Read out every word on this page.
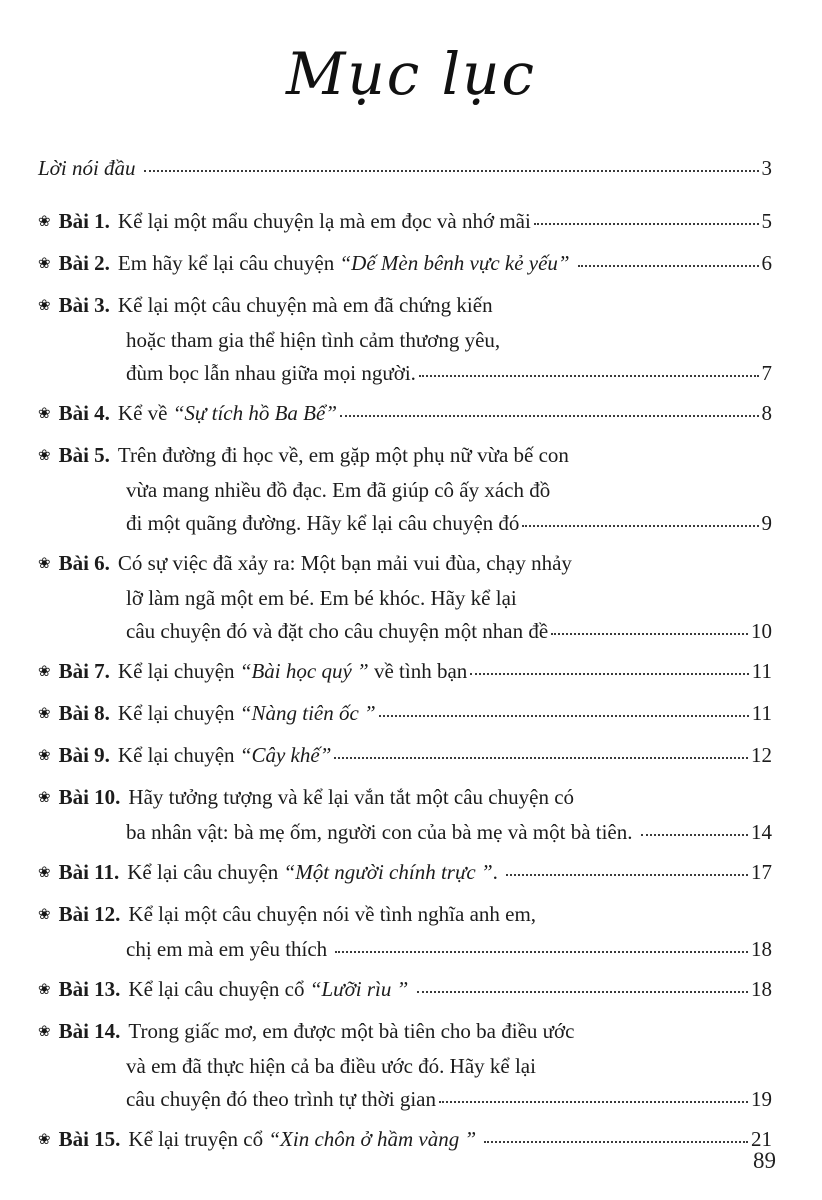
Mục lục
Lời nói đầu	3
❀ Bài 1. Kể lại một mẩu chuyện lạ mà em đọc và nhớ mãi	5
❀ Bài 2. Em hãy kể lại câu chuyện “Dế Mèn bênh vực kẻ yếu”	6
❀ Bài 3. Kể lại một câu chuyện mà em đã chứng kiến
hoặc tham gia thể hiện tình cảm thương yêu,
đùm bọc lẫn nhau giữa mọi người.	7
❀ Bài 4. Kể về “Sự tích hồ Ba Bể”	8
❀ Bài 5. Trên đường đi học về, em gặp một phụ nữ vừa bế con
vừa mang nhiều đồ đạc. Em đã giúp cô ấy xách đồ
đi một quãng đường. Hãy kể lại câu chuyện đó	9
❀ Bài 6. Có sự việc đã xảy ra: Một bạn mải vui đùa, chạy nhảy
lỡ làm ngã một em bé. Em bé khóc. Hãy kể lại
câu chuyện đó và đặt cho câu chuyện một nhan đề	10
❀ Bài 7. Kể lại chuyện “Bài học quý ” về tình bạn	11
❀ Bài 8. Kể lại chuyện “Nàng tiên ốc ”	11
❀ Bài 9. Kể lại chuyện “Cây khế”	12
❀ Bài 10. Hãy tưởng tượng và kể lại vắn tắt một câu chuyện có
ba nhân vật: bà mẹ ốm, người con của bà mẹ và một bà tiên.	14
❀ Bài 11. Kể lại câu chuyện “Một người chính trực ”.	17
❀ Bài 12. Kể lại một câu chuyện nói về tình nghĩa anh em,
chị em mà em yêu thích	18
❀ Bài 13. Kể lại câu chuyện cổ “Lưỡi rìu ”	18
❀ Bài 14. Trong giấc mơ, em được một bà tiên cho ba điều ước
và em đã thực hiện cả ba điều ước đó. Hãy kể lại
câu chuyện đó theo trình tự thời gian	19
❀ Bài 15. Kể lại truyện cổ “Xin chôn ở hầm vàng ”	21
89
